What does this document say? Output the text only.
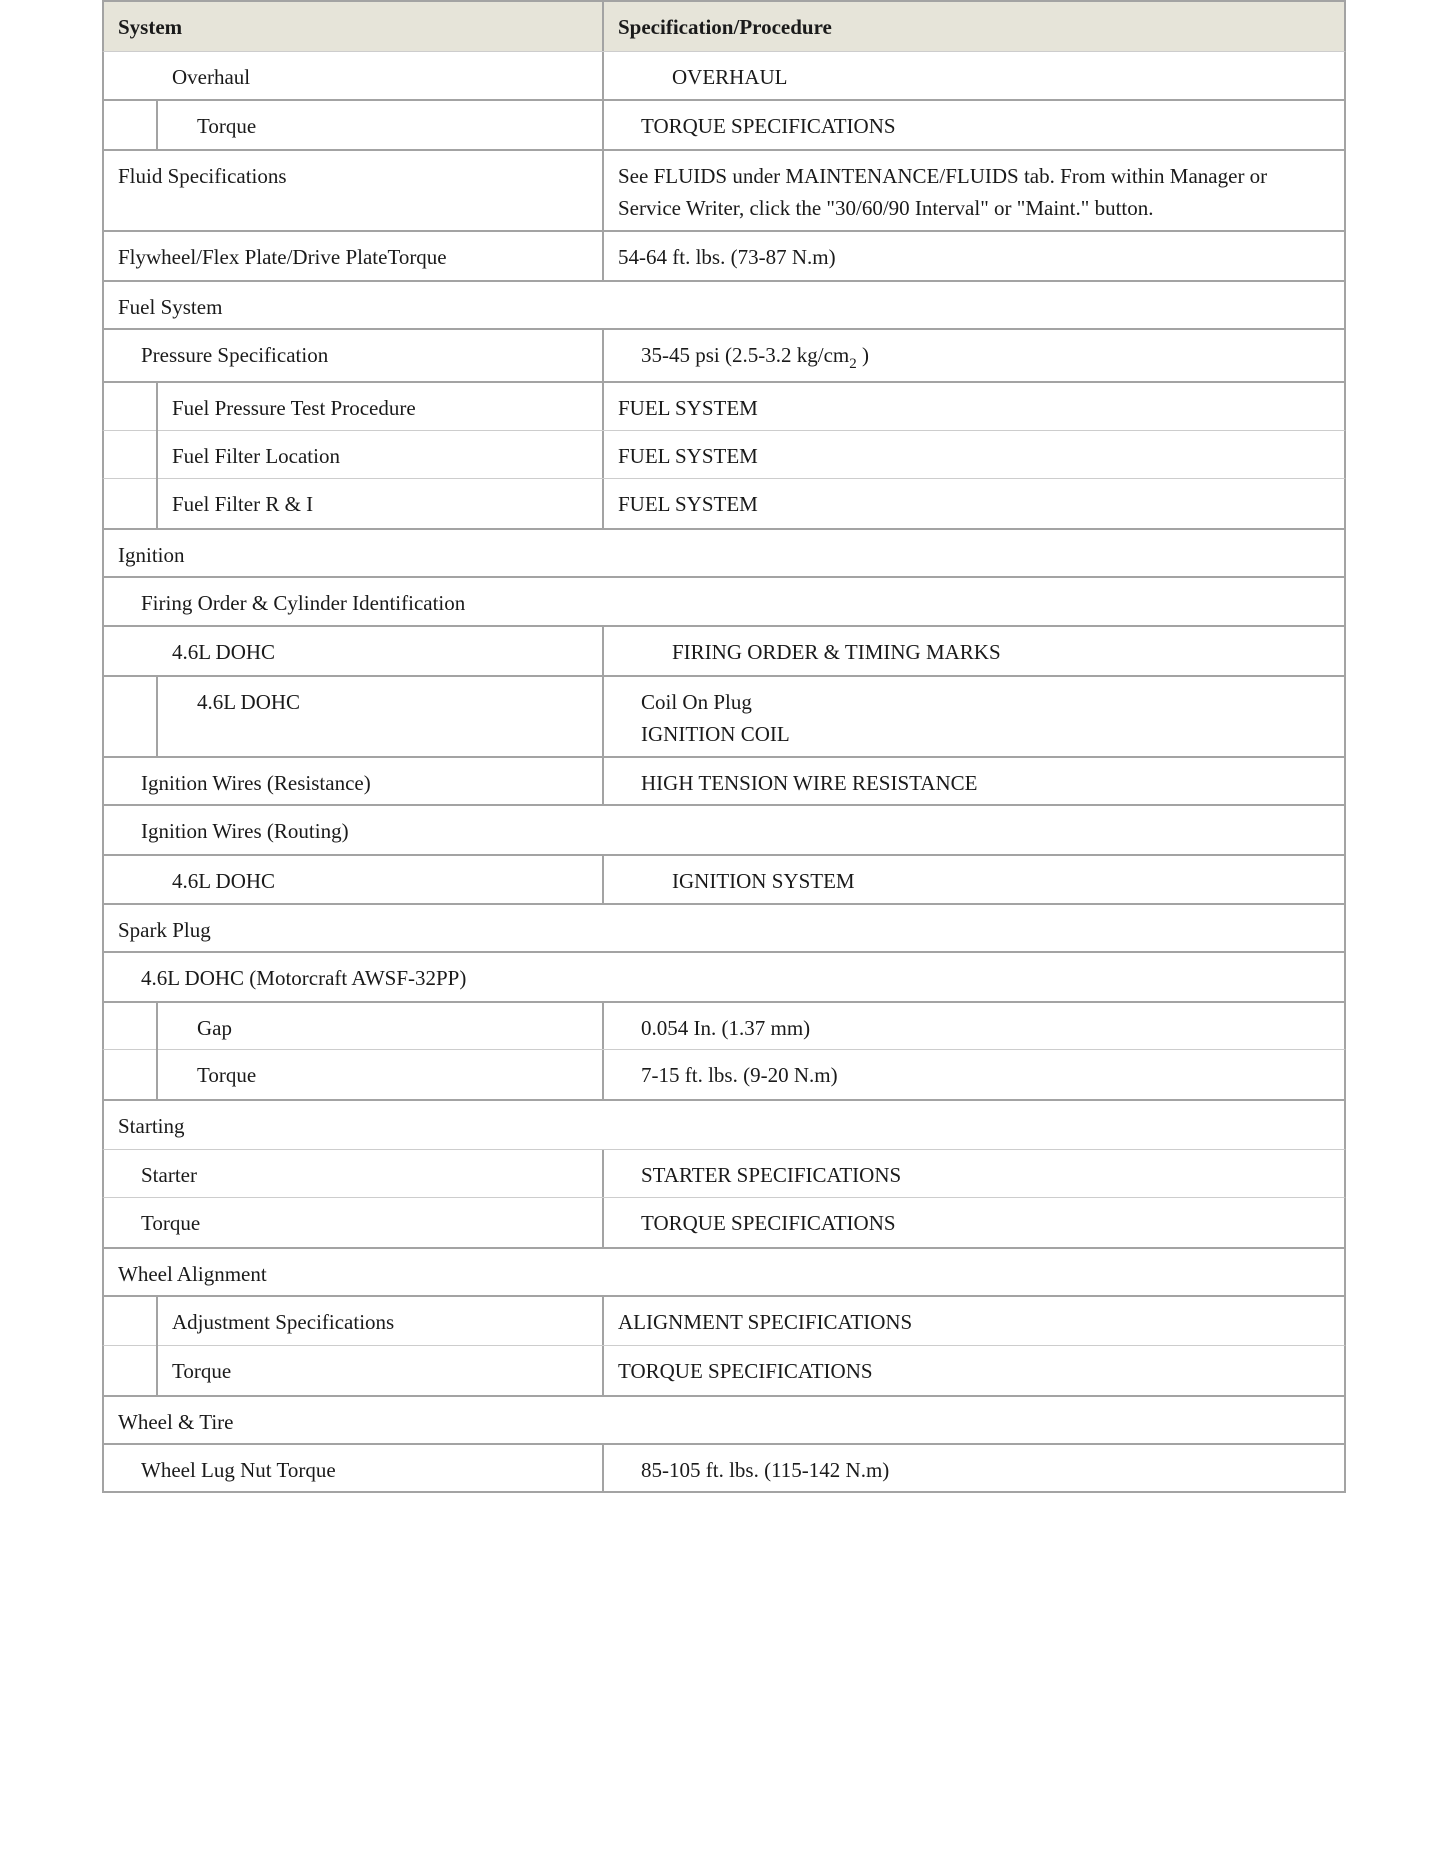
System	Specification/Procedure
Overhaul	OVERHAUL
Torque	TORQUE SPECIFICATIONS
Fluid Specifications	See FLUIDS under MAINTENANCE/FLUIDS tab. From within Manager or
Service Writer, click the "30/60/90 Interval" or "Maint." button.
Flywheel/Flex Plate/Drive PlateTorque	54-64 ft. lbs. (73-87 N.m)
Fuel System
Pressure Specification	35-45 psi (2.5-3.2 $kg/cm_2$ )
Fuel Pressure Test Procedure	FUEL SYSTEM
Fuel Filter Location	FUEL SYSTEM
Fuel Filter R & I	FUEL SYSTEM
Ignition
Firing Order & Cylinder Identification
4.6L DOHC	FIRING ORDER & TIMING MARKS
4.6L DOHC	Coil On Plug
IGNITION COIL
Ignition Wires (Resistance)	HIGH TENSION WIRE RESISTANCE
Ignition Wires (Routing)
4.6L DOHC	IGNITION SYSTEM
Spark Plug
4.6L DOHC (Motorcraft AWSF-32PP)
Gap	0.054 In. (1.37 mm)
Torque	7-15 ft. lbs. (9-20 N.m)
Starting
Starter	STARTER SPECIFICATIONS
Torque	TORQUE SPECIFICATIONS
Wheel Alignment
Adjustment Specifications	ALIGNMENT SPECIFICATIONS
Torque	TORQUE SPECIFICATIONS
Wheel & Tire
Wheel Lug Nut Torque	85-105 ft. lbs. (115-142 N.m)
